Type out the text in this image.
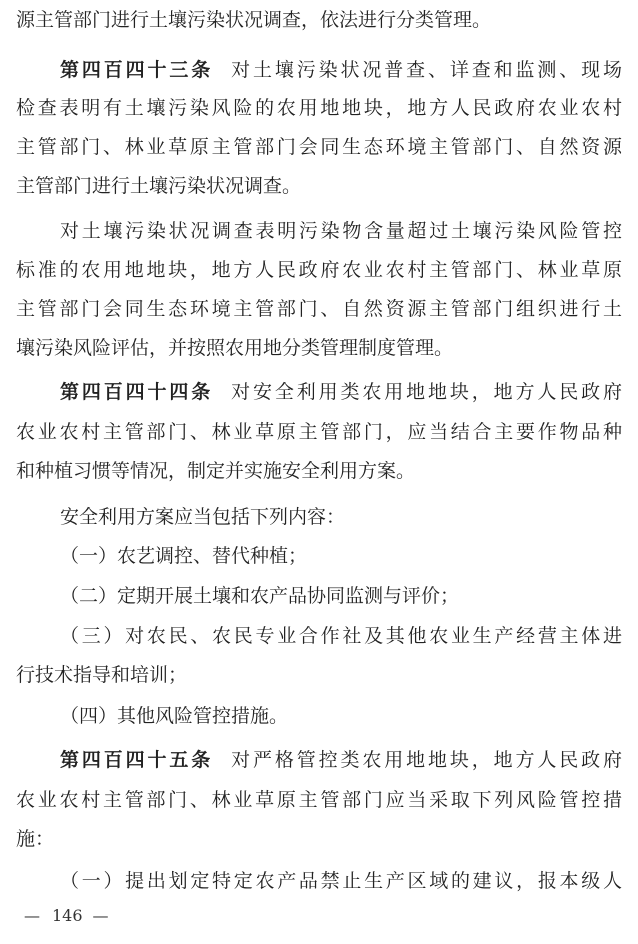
源主管部门进行土壤污染状况调查，依法进行分类管理。
第四百四十三条 对土壤污染状况普查、详查和监测、现场
检查表明有土壤污染风险的农用地地块，地方人民政府农业农村
主管部门、林业草原主管部门会同生态环境主管部门、自然资源
主管部门进行土壤污染状况调查。
对土壤污染状况调查表明污染物含量超过土壤污染风险管控
标准的农用地地块，地方人民政府农业农村主管部门、林业草原
主管部门会同生态环境主管部门、自然资源主管部门组织进行土
壤污染风险评估，并按照农用地分类管理制度管理。
第四百四十四条 对安全利用类农用地地块，地方人民政府
农业农村主管部门、林业草原主管部门，应当结合主要作物品种
和种植习惯等情况，制定并实施安全利用方案。
安全利用方案应当包括下列内容：
（一）农艺调控、替代种植；
（二）定期开展土壤和农产品协同监测与评价；
（三）对农民、农民专业合作社及其他农业生产经营主体进
行技术指导和培训；
（四）其他风险管控措施。
第四百四十五条 对严格管控类农用地地块，地方人民政府
农业农村主管部门、林业草原主管部门应当采取下列风险管控措
施：
（一）提出划定特定农产品禁止生产区域的建议，报本级人
— 146 —
